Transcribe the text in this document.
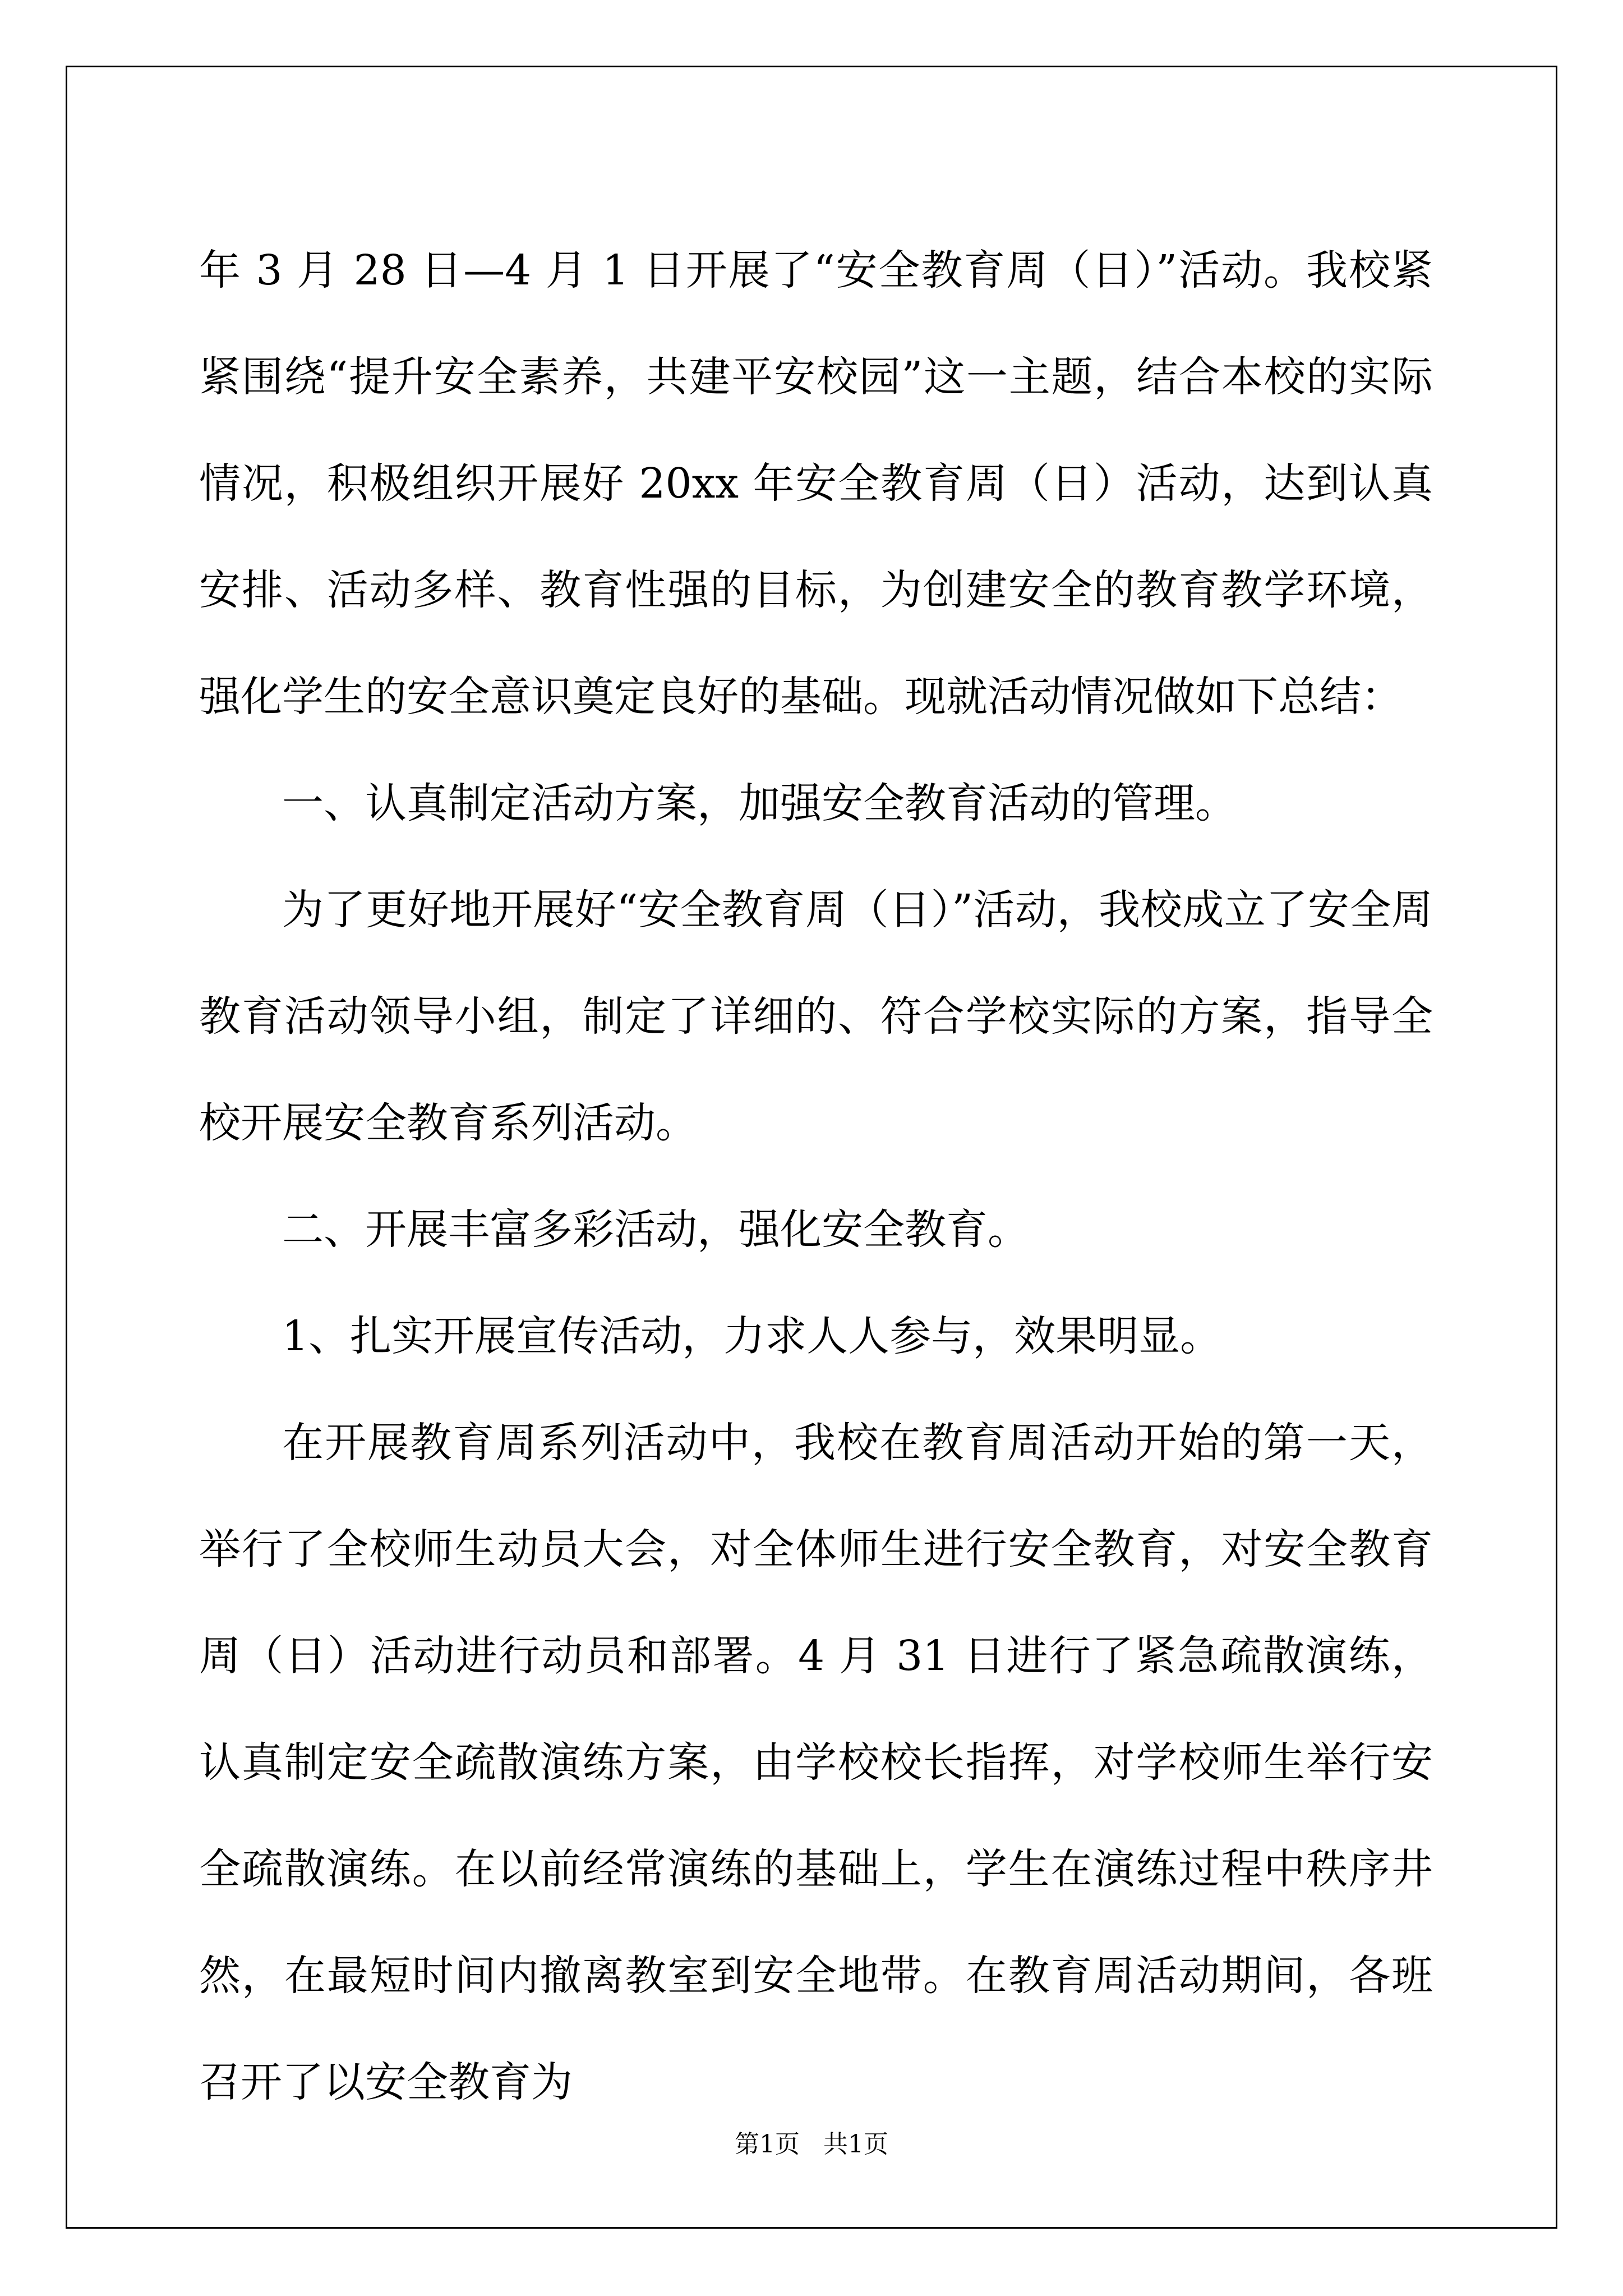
年 3 月 28 日—4 月 1 日开展了“安全教育周（日）”活动。我校紧紧围绕“提升安全素养，共建平安校园”这一主题，结合本校的实际情况，积极组织开展好 20xx 年安全教育周（日）活动，达到认真安排、活动多样、教育性强的目标，为创建安全的教育教学环境，强化学生的安全意识奠定良好的基础。现就活动情况做如下总结：

一、认真制定活动方案，加强安全教育活动的管理。

为了更好地开展好“安全教育周（日）”活动，我校成立了安全周教育活动领导小组，制定了详细的、符合学校实际的方案，指导全校开展安全教育系列活动。

二、开展丰富多彩活动，强化安全教育。

1、扎实开展宣传活动，力求人人参与，效果明显。

在开展教育周系列活动中，我校在教育周活动开始的第一天，举行了全校师生动员大会，对全体师生进行安全教育，对安全教育周（日）活动进行动员和部署。4 月 31 日进行了紧急疏散演练，认真制定安全疏散演练方案，由学校校长指挥，对学校师生举行安全疏散演练。在以前经常演练的基础上，学生在演练过程中秩序井然，在最短时间内撤离教室到安全地带。在教育周活动期间，各班召开了以安全教育为

第1页   共1页
